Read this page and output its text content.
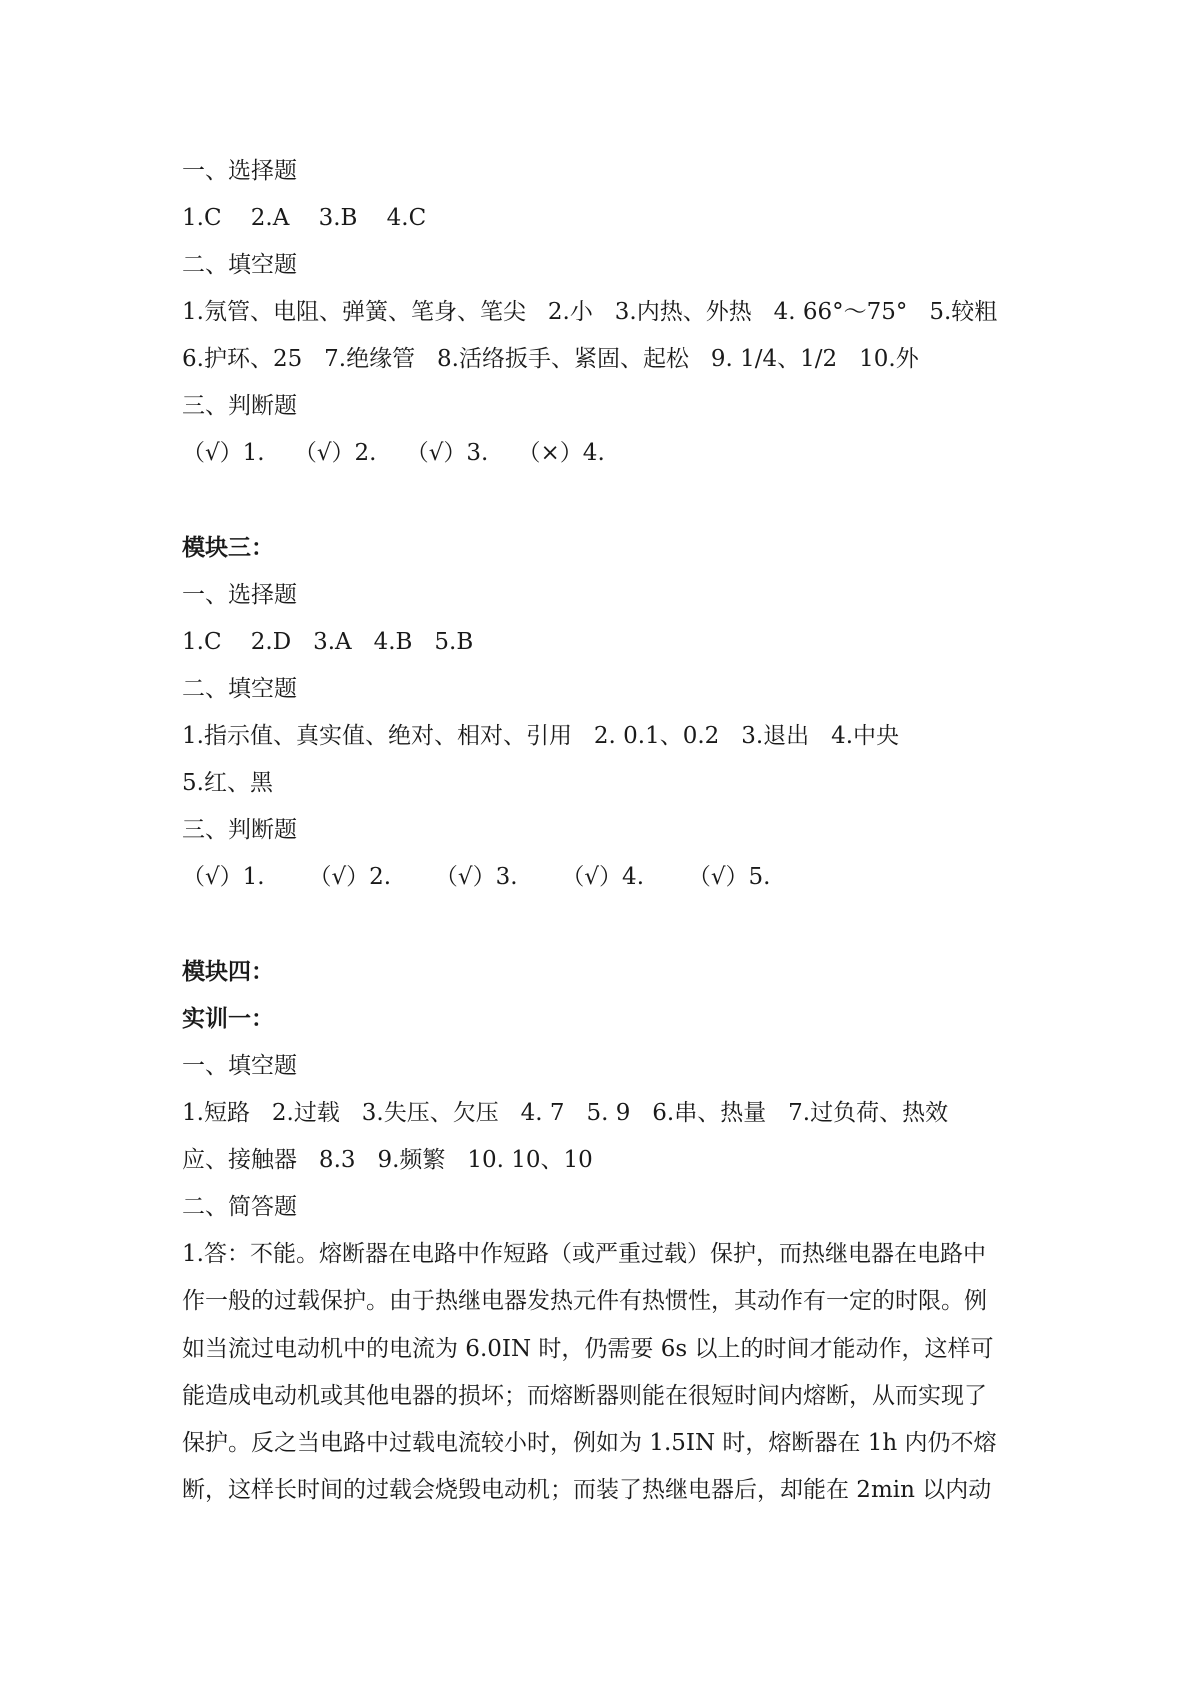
一、选择题

1.C    2.A    3.B    4.C

二、填空题

1.氖管、电阻、弹簧、笔身、笔尖   2.小   3.内热、外热   4. 66°～75°   5.较粗

6.护环、25   7.绝缘管   8.活络扳手、紧固、起松   9. 1/4、1/2   10.外

三、判断题

（√）1.    （√）2.    （√）3.    （×）4.

模块三：

一、选择题

1.C    2.D   3.A   4.B   5.B

二、填空题

1.指示值、真实值、绝对、相对、引用   2. 0.1、0.2   3.退出   4.中央

5.红、黑

三、判断题

（√）1.      （√）2.      （√）3.      （√）4.      （√）5.

模块四：

实训一：

一、填空题

1.短路   2.过载   3.失压、欠压   4. 7   5. 9   6.串、热量   7.过负荷、热效

应、接触器   8.3   9.频繁   10. 10、10

二、简答题

1.答：不能。熔断器在电路中作短路（或严重过载）保护，而热继电器在电路中

作一般的过载保护。由于热继电器发热元件有热惯性，其动作有一定的时限。例

如当流过电动机中的电流为 6.0IN 时，仍需要 6s 以上的时间才能动作，这样可

能造成电动机或其他电器的损坏；而熔断器则能在很短时间内熔断，从而实现了

保护。反之当电路中过载电流较小时，例如为 1.5IN 时，熔断器在 1h 内仍不熔

断，这样长时间的过载会烧毁电动机；而装了热继电器后，却能在 2min 以内动
